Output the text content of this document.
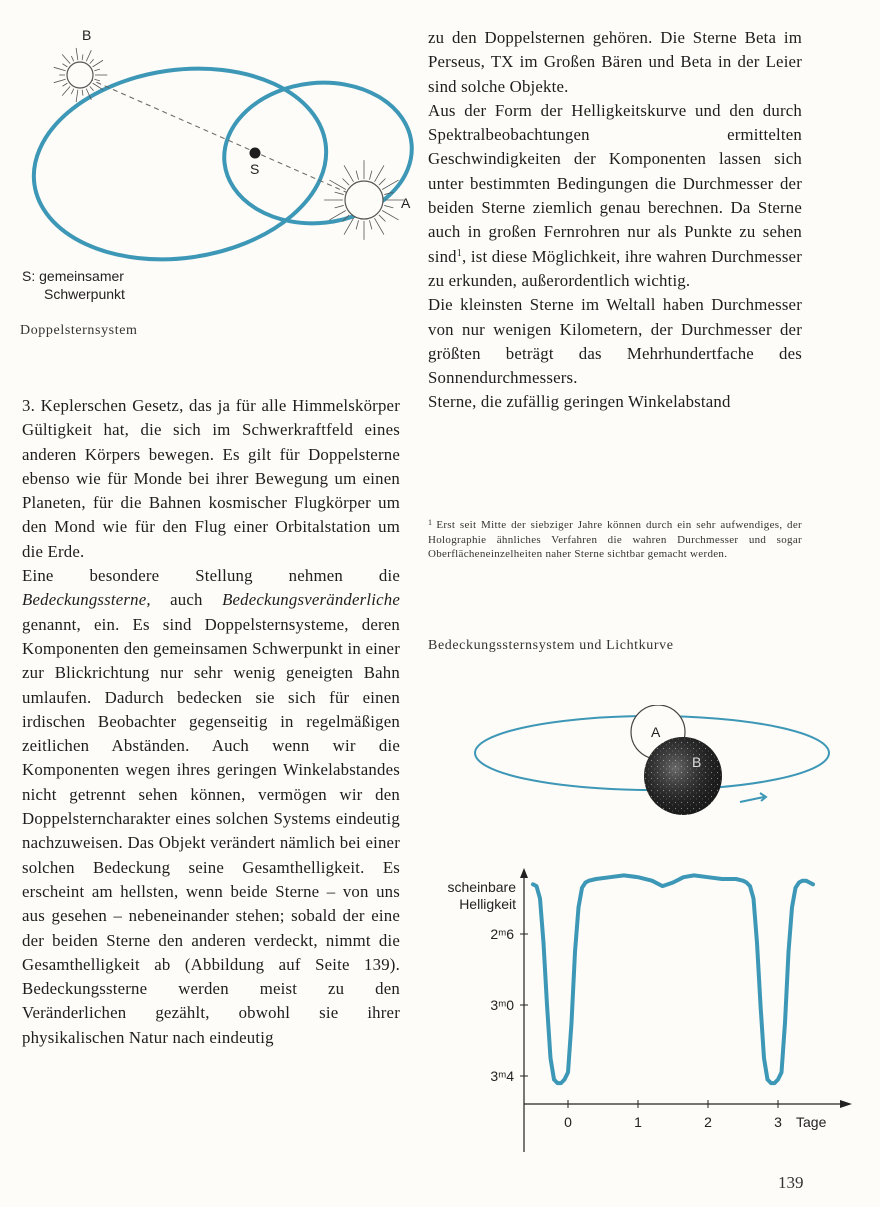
B
S
A
S: gemeinsamer
Schwerpunkt
Doppelsternsystem

3. Keplerschen Gesetz, das ja für alle Himmelskörper Gültigkeit hat, die sich im Schwerkraftfeld eines anderen Körpers bewegen. Es gilt für Doppelsterne ebenso wie für Monde bei ihrer Bewegung um einen Planeten, für die Bahnen kosmischer Flugkörper um den Mond wie für den Flug einer Orbitalstation um die Erde.

Eine besondere Stellung nehmen die Bedeckungssterne, auch Bedeckungsveränderliche genannt, ein. Es sind Doppelsternsysteme, deren Komponenten den gemeinsamen Schwerpunkt in einer zur Blickrichtung nur sehr wenig geneigten Bahn umlaufen. Dadurch bedecken sie sich für einen irdischen Beobachter gegenseitig in regelmäßigen zeitlichen Abständen. Auch wenn wir die Komponenten wegen ihres geringen Winkelabstandes nicht getrennt sehen können, vermögen wir den Doppelsterncharakter eines solchen Systems eindeutig nachzuweisen. Das Objekt verändert nämlich bei einer solchen Bedeckung seine Gesamthelligkeit. Es erscheint am hellsten, wenn beide Sterne – von uns aus gesehen – nebeneinander stehen; sobald der eine der beiden Sterne den anderen verdeckt, nimmt die Gesamthelligkeit ab (Abbildung auf Seite 139). Bedeckungssterne werden meist zu den Veränderlichen gezählt, obwohl sie ihrer physikalischen Natur nach eindeutig

zu den Doppelsternen gehören. Die Sterne Beta im Perseus, TX im Großen Bären und Beta in der Leier sind solche Objekte.

Aus der Form der Helligkeitskurve und den durch Spektralbeobachtungen ermittelten Geschwindigkeiten der Komponenten lassen sich unter bestimmten Bedingungen die Durchmesser der beiden Sterne ziemlich genau berechnen. Da Sterne auch in großen Fernrohren nur als Punkte zu sehen sind$^1$, ist diese Möglichkeit, ihre wahren Durchmesser zu erkunden, außerordentlich wichtig.

Die kleinsten Sterne im Weltall haben Durchmesser von nur wenigen Kilometern, der Durchmesser der größten beträgt das Mehrhundertfache des Sonnendurchmessers.

Sterne, die zufällig geringen Winkelabstand

$^1$ Erst seit Mitte der siebziger Jahre können durch ein sehr aufwendiges, der Holographie ähnliches Verfahren die wahren Durchmesser und sogar Oberflächeneinzelheiten naher Sterne sichtbar gemacht werden.
Bedeckungssternsystem und Lichtkurve
A
B
scheinbare
Helligkeit
Tage
0	1	2	3
2ᵐ6
3ᵐ0
3ᵐ4
139
